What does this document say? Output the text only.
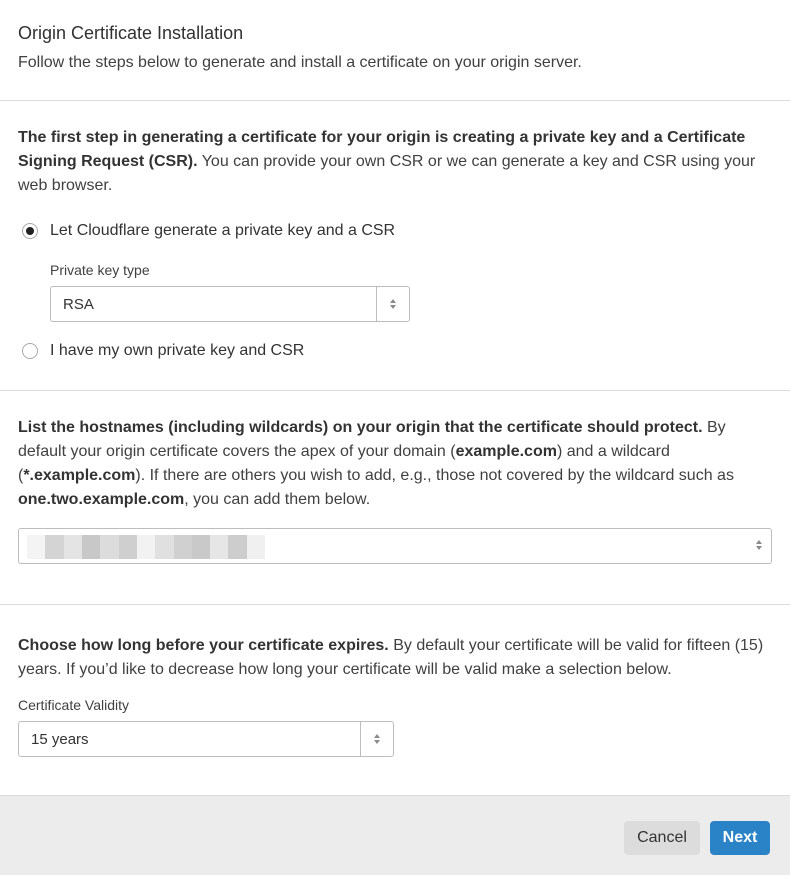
Origin Certificate Installation
Follow the steps below to generate and install a certificate on your origin server.

The first step in generating a certificate for your origin is creating a private key and a Certificate Signing Request (CSR). You can provide your own CSR or we can generate a key and CSR using your web browser.

Let Cloudflare generate a private key and a CSR
Private key type
RSA
I have my own private key and CSR

List the hostnames (including wildcards) on your origin that the certificate should protect. By default your origin certificate covers the apex of your domain (example.com) and a wildcard (*.example.com). If there are others you wish to add, e.g., those not covered by the wildcard such as one.two.example.com, you can add them below.

Choose how long before your certificate expires. By default your certificate will be valid for fifteen (15) years. If you’d like to decrease how long your certificate will be valid make a selection below.

Certificate Validity
15 years
Cancel	Next
